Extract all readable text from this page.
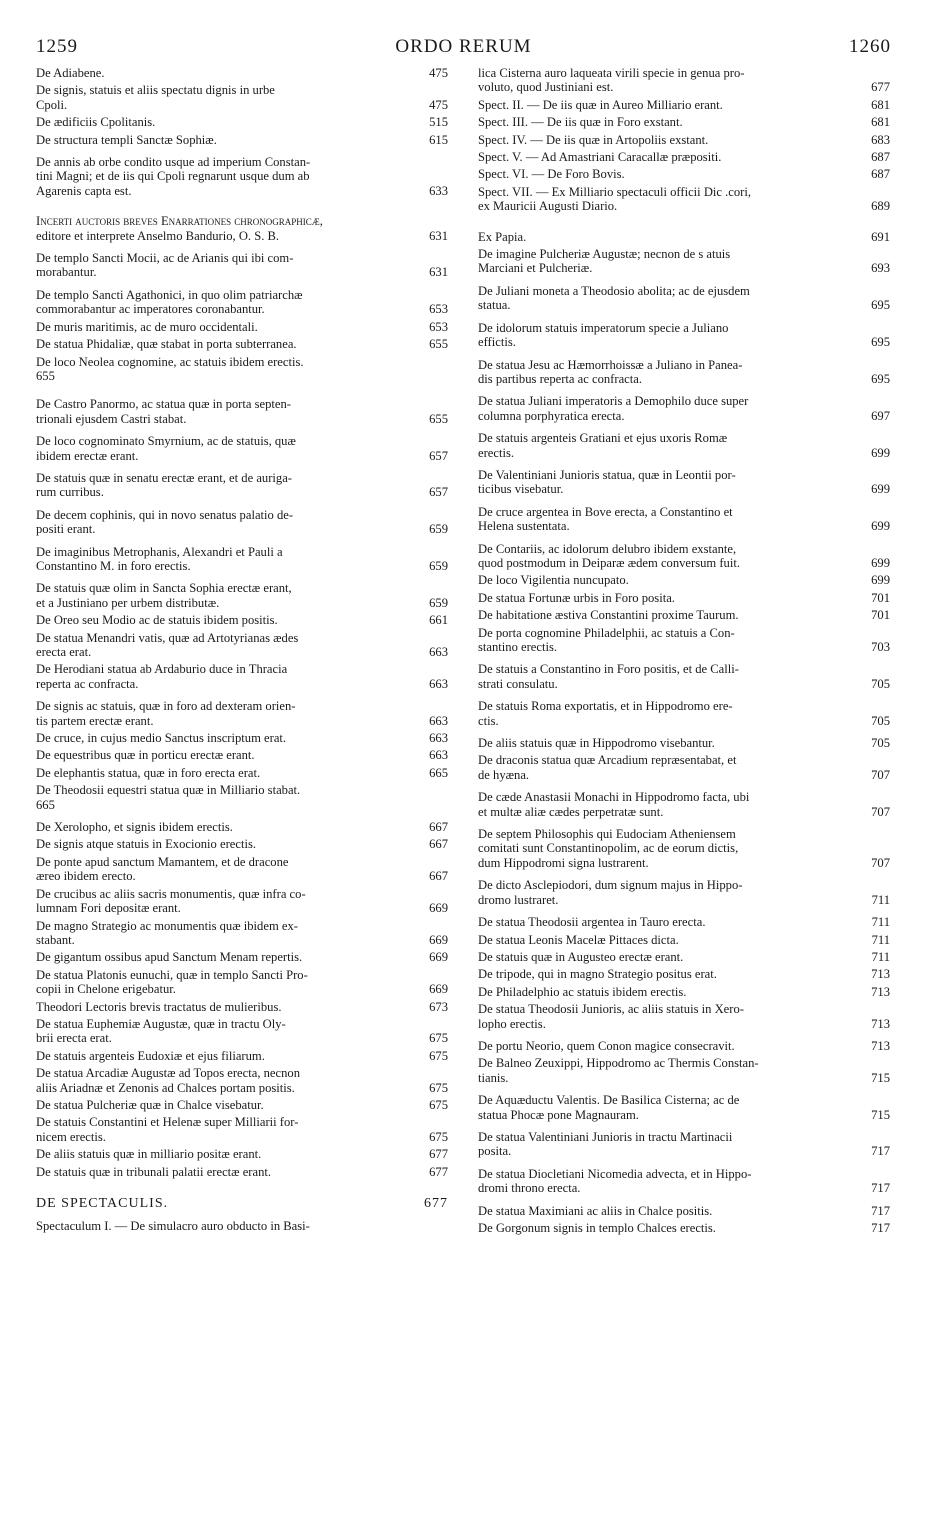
1259	ORDO RERUM	1260
De Adiabene.	475
De signis, statuis et aliis spectatu dignis in urbe
Cpoli.	475
De ædificiis Cpolitanis.	515
De structura templi Sanctæ Sophiæ.	615
De annis ab orbe condito usque ad imperium Constan-
tini Magni; et de iis qui Cpoli regnarunt usque dum ab
Agarenis capta est.	633
Incerti auctoris breves Enarrationes chronographicæ,
editore et interprete Anselmo Bandurio, O. S. B.	631
De templo Sancti Mocii, ac de Arianis qui ibi com-
morabantur.	631
De templo Sancti Agathonici, in quo olim patriarchæ
commorabantur ac imperatores coronabantur.	653
De muris maritimis, ac de muro occidentali.	653
De statua Phidaliæ, quæ stabat in porta subterranea.	655
De loco Neolea cognomine, ac statuis ibidem erectis.
655
De Castro Panormo, ac statua quæ in porta septen-
trionali ejusdem Castri stabat.	655
De loco cognominato Smyrnium, ac de statuis, quæ
ibidem erectæ erant.	657
De statuis quæ in senatu erectæ erant, et de auriga-
rum curribus.	657
De decem cophinis, qui in novo senatus palatio de-
positi erant.	659
De imaginibus Metrophanis, Alexandri et Pauli a
Constantino M. in foro erectis.	659
De statuis quæ olim in Sancta Sophia erectæ erant,
et a Justiniano per urbem distributæ.	659
De Oreo seu Modio ac de statuis ibidem positis.	661
De statua Menandri vatis, quæ ad Artotyrianas ædes
erecta erat.	663
De Herodiani statua ab Ardaburio duce in Thracia
reperta ac confracta.	663
De signis ac statuis, quæ in foro ad dexteram orien-
tis partem erectæ erant.	663
De cruce, in cujus medio Sanctus inscriptum erat.	663
De equestribus quæ in porticu erectæ erant.	663
De elephantis statua, quæ in foro erecta erat.	665
De Theodosii equestri statua quæ in Milliario stabat.
665
De Xerolopho, et signis ibidem erectis.	667
De signis atque statuis in Exocionio erectis.	667
De ponte apud sanctum Mamantem, et de dracone
æreo ibidem erecto.	667
De crucibus ac aliis sacris monumentis, quæ infra co-
lumnam Fori depositæ erant.	669
De magno Strategio ac monumentis quæ ibidem ex-
stabant.	669
De gigantum ossibus apud Sanctum Menam repertis.	669
De statua Platonis eunuchi, quæ in templo Sancti Pro-
copii in Chelone erigebatur.	669
Theodori Lectoris brevis tractatus de mulieribus.	673
De statua Euphemiæ Augustæ, quæ in tractu Oly-
brii erecta erat.	675
De statuis argenteis Eudoxiæ et ejus filiarum.	675
De statua Arcadiæ Augustæ ad Topos erecta, necnon
aliis Ariadnæ et Zenonis ad Chalces portam positis.	675
De statua Pulcheriæ quæ in Chalce visebatur.	675
De statuis Constantini et Helenæ super Milliarii for-
nicem erectis.	675
De aliis statuis quæ in milliario positæ erant.	677
De statuis quæ in tribunali palatii erectæ erant.	677
DE SPECTACULIS.	677
Spectaculum I. — De simulacro auro obducto in Basi-
lica Cisterna auro laqueata virili specie in genua pro-
voluto, quod Justiniani est.	677
Spect. II. — De iis quæ in Aureo Milliario erant.	681
Spect. III. — De iis quæ in Foro exstant.	681
Spect. IV. — De iis quæ in Artopoliis exstant.	683
Spect. V. — Ad Amastriani Caracallæ præpositi.	687
Spect. VI. — De Foro Bovis.	687
Spect. VII. — Ex Milliario spectaculi officii Dic .cori,
ex Mauricii Augusti Diario.	689
Ex Papia.	691
De imagine Pulcheriæ Augustæ; necnon de s atuis
Marciani et Pulcheriæ.	693
De Juliani moneta a Theodosio abolita; ac de ejusdem
statua.	695
De idolorum statuis imperatorum specie a Juliano
effictis.	695
De statua Jesu ac Hæmorrhoissæ a Juliano in Panea-
dis partibus reperta ac confracta.	695
De statua Juliani imperatoris a Demophilo duce super
columna porphyratica erecta.	697
De statuis argenteis Gratiani et ejus uxoris Romæ
erectis.	699
De Valentiniani Junioris statua, quæ in Leontii por-
ticibus visebatur.	699
De cruce argentea in Bove erecta, a Constantino et
Helena sustentata.	699
De Contariis, ac idolorum delubro ibidem exstante,
quod postmodum in Deiparæ ædem conversum fuit.	699
De loco Vigilentia nuncupato.	699
De statua Fortunæ urbis in Foro posita.	701
De habitatione æstiva Constantini proxime Taurum.	701
De porta cognomine Philadelphii, ac statuis a Con-
stantino erectis.	703
De statuis a Constantino in Foro positis, et de Calli-
strati consulatu.	705
De statuis Roma exportatis, et in Hippodromo ere-
ctis.	705
De aliis statuis quæ in Hippodromo visebantur.	705
De draconis statua quæ Arcadium repræsentabat, et
de hyæna.	707
De cæde Anastasii Monachi in Hippodromo facta, ubi
et multæ aliæ cædes perpetratæ sunt.	707
De septem Philosophis qui Eudociam Atheniensem
comitati sunt Constantinopolim, ac de eorum dictis,
dum Hippodromi signa lustrarent.	707
De dicto Asclepiodori, dum signum majus in Hippo-
dromo lustraret.	711
De statua Theodosii argentea in Tauro erecta.	711
De statua Leonis Macelæ Pittaces dicta.	711
De statuis quæ in Augusteo erectæ erant.	711
De tripode, qui in magno Strategio positus erat.	713
De Philadelphio ac statuis ibidem erectis.	713
De statua Theodosii Junioris, ac aliis statuis in Xero-
lopho erectis.	713
De portu Neorio, quem Conon magice consecravit.	713
De Balneo Zeuxippi, Hippodromo ac Thermis Constan-
tianis.	715
De Aquæductu Valentis. De Basilica Cisterna; ac de
statua Phocæ pone Magnauram.	715
De statua Valentiniani Junioris in tractu Martinacii
posita.	717
De statua Diocletiani Nicomedia advecta, et in Hippo-
dromi throno erecta.	717
De statua Maximiani ac aliis in Chalce positis.	717
De Gorgonum signis in templo Chalces erectis.	717
